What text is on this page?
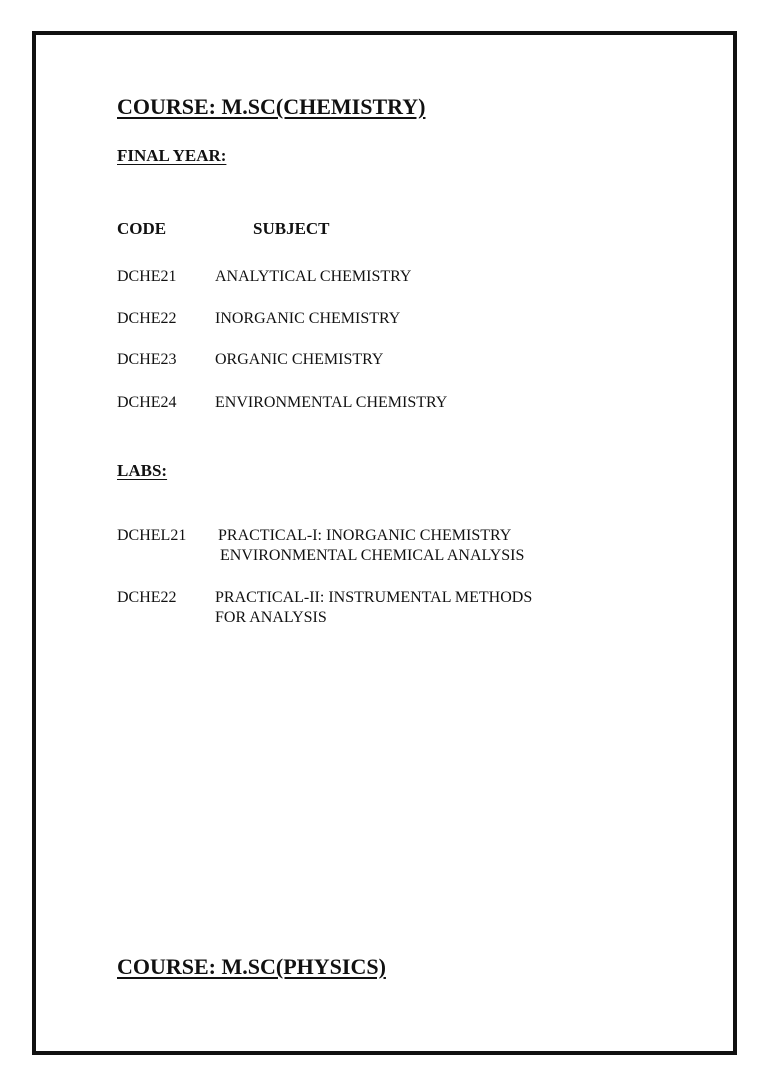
COURSE: M.SC(CHEMISTRY)
FINAL YEAR:
CODE	SUBJECT
DCHE21 ANALYTICAL CHEMISTRY
DCHE22 INORGANIC CHEMISTRY
DCHE23 ORGANIC CHEMISTRY
DCHE24 ENVIRONMENTAL CHEMISTRY
LABS:
DCHEL21 PRACTICAL-I: INORGANIC CHEMISTRY
ENVIRONMENTAL CHEMICAL ANALYSIS
DCHE22 PRACTICAL-II: INSTRUMENTAL METHODS
FOR ANALYSIS
COURSE: M.SC(PHYSICS)
